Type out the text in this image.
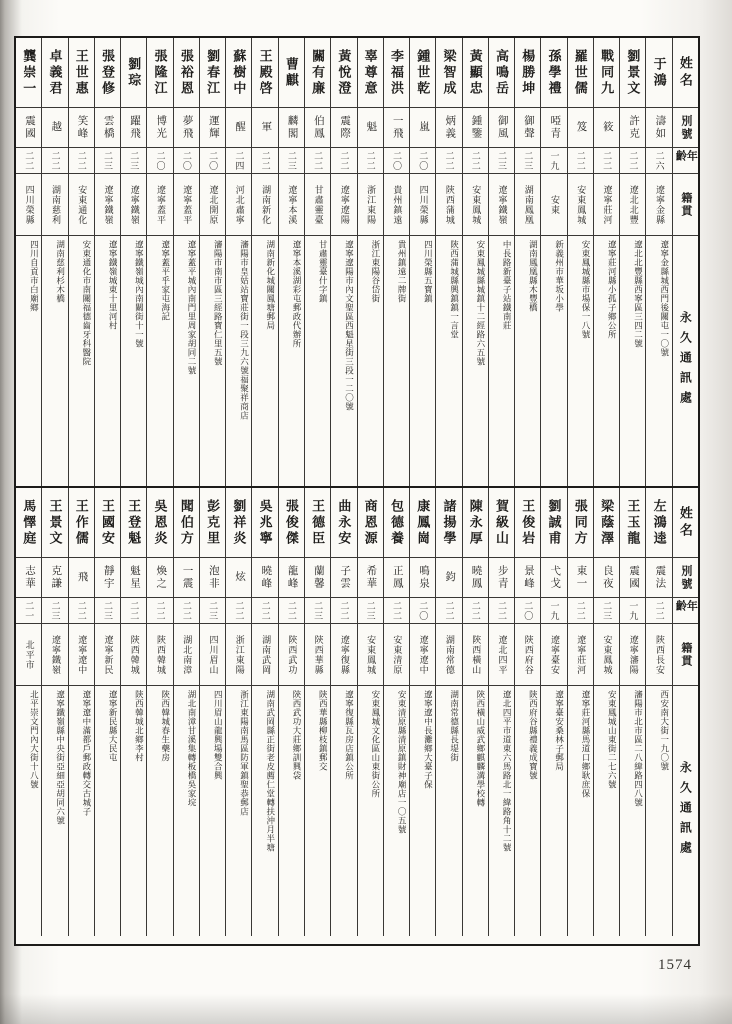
姓名
別號
年齡
籍貫
永久通訊處
于鴻
濤如
二六
遼寧金縣
遼寧金縣城西門後關屯一〇號
劉景文
許克
二二
遼北北豐
遼北北豐縣西寧區三四二號
戰同九
筱
二二
遼寧莊河
遼寧莊河縣小孤子鄉公所
羅世儒
笈
二二
安東鳳城
安東鳳城縣市場保一八號
孫學禮
啞青
一九
安東
新義州市華坂小學
楊勝坤
御聲
二三
湖南鳳凰
湖南鳳凰縣木豐橋
高鳴岳
御風
二三
遼寧鐵嶺
中長路新臺子站鐵南莊
黃顯忠
鍾鑒
二二
安東鳳城
安東鳳城縣城鎮十二經路六五號
梁智成
炳義
二二
陝西蒲城
陝西蒲城縣興鎮鎮一言堂
鍾世乾
嵐
二〇
四川榮縣
四川榮縣五寶鎮
李福洪
一飛
二〇
貴州鎮遠
貴州鎮遠二牌街
辜尊意
魁
二二
浙江東陽
浙江東陽谷岱街
黃悅澄
震際
二二
遼寧遼陽
遼寧遼陽市內文聖區西魁星街三段一二〇號
關有廉
伯鳳
二二
甘肅靈臺
甘肅靈臺什字鎮
曹麒
麟閣
二三
遼寧本溪
遼寧本溪湖彩屯郵政代辦所
王殿啓
軍
二二
湖南新化
湖南新化城關鳳塘郵局
蘇樹中
醒
二四
河北肅寧
瀋陽市皇姑站寶莊街一段三九六號福聚祥商店
劉春江
運輝
二〇
遼北開原
瀋陽市南市區三經路寶仁里五號
張裕恩
夢飛
二〇
遼寧蓋平
遼寧蓋平城內南門里周家胡同二號
張隆江
博光
二〇
遼寧蓋平
遼寧蓋平乎家屯海記
劉琮
躍飛
二三
遼寧鐵嶺
遼寧鐵嶺城內南關街十一號
張登修
雲橋
二三
遼寧鐵嶺
遼寧鐵嶺城東十里河村
王世惠
笑峰
二二
安東通化
安東通化市南關福德齒牙科醫院
卓義君
越
二二
湖南慈利
湖南慈利杉木橋
龔崇一
震國
二二
四川榮縣
四川自貢市白廟鄉
姓名
別號
年齡
籍貫
永久通訊處
左鴻逵
震法
二二
陝西長安
西安南大街一九〇號
王玉龍
震國
一九
遼寧瀋陽
瀋陽市北市區二八緯路四八號
梁蔭澤
良夜
二三
安東鳳城
安東鳳城山東街二七六號
張同方
東一
二二
遼寧莊河
遼寧莊河縣馬道口鄉耿庶保
劉誠甫
弋戈
一九
遼寧臺安
遼寧臺安桑林子郵局
王俊岩
景峰
二〇
陝西府谷
陝西府谷縣禮義成寶號
賀級山
步青
二二
遼北四平
遼北四平市道東六馬路北一緯路角十二號
陳永厚
曉鳳
二二
陝西橫山
陝西橫山威武鄉麒麟溝學校轉
諸揚學
鈞
二二
湖南常德
湖南常德縣長堤街
康鳳崗
鳴泉
二〇
遼寧遼中
遼寧遼中長灘鄉大臺子保
包德養
正鳳
二二
安東清原
安東清原縣清原鎮財神廟店一〇五號
商恩源
希華
二三
安東鳳城
安東鳳城文化區山東街公所
曲永安
子雲
二二
遼寧復縣
遼寧復縣瓦房店鎮公所
王德臣
蘭馨
二三
陝西華縣
陝西華縣柳枝鎮郵交
張俊傑
龍峰
二二
陝西武功
陝西武功大莊鄉訓興袋
吳兆寧
曉峰
二二
湖南武岡
湖南武岡縣正街老皮薦仁堂轉扶沖月半塘
劉祥炎
炫
二二
浙江東陽
浙江東陽南馬區防軍鎮聖恭郵店
彭克里
泡非
二三
四川眉山
四川眉山龍興場雙合興
聞伯方
一震
二二
湖北南漳
湖北南漳甘溪集轉板橋吳家垸
吳恩炎
煥之
二二
陝西韓城
陝西韓城春生藥房
王登魁
魁星
二二
陝西韓城
陝西韓城北鄉李村
王國安
靜宇
二三
遼寧新民
遼寧新民縣大民屯
王作儒
飛
二二
遼寧遼中
遼寧遼中滿都戶郵政轉交古城子
王景文
克謙
二三
遼寧鐵嶺
遼寧鐵嶺縣中央街亞細亞胡同六號
馬懌庭
志華
二一
北平市
北平崇文門內大街十八號
1574
